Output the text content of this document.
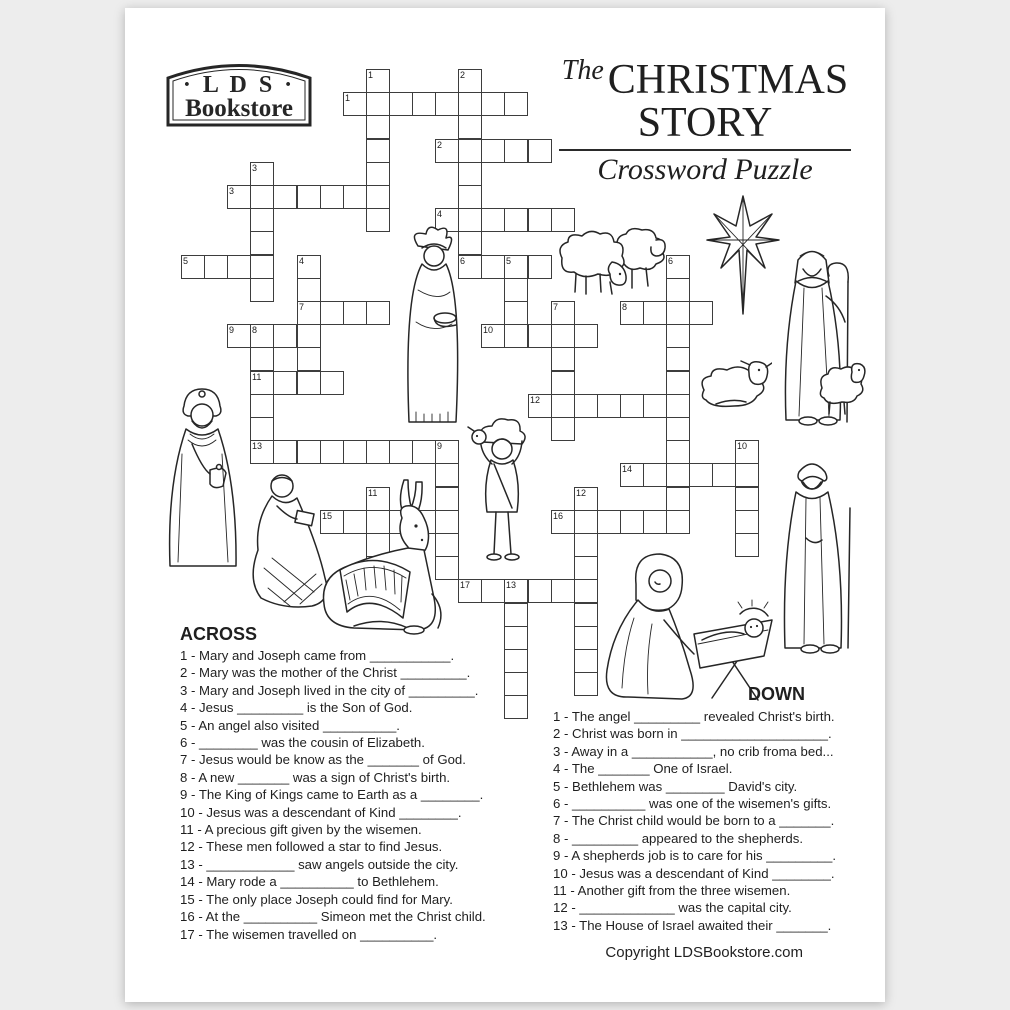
· L D S ·
Bookstore
$^{The}$CHRISTMAS
STORY
Crossword Puzzle
1
2
3
4
5	6	5
7	8
9 8	10
11
12
13	9
14
15	16
17	13
1	2
3
4	6
7
10
11	12
ACROSS
1 - Mary and Joseph came from ___________.
2 - Mary was the mother of the Christ _________.
3 - Mary and Joseph lived in the city of _________.
4 - Jesus _________ is the Son of God.
5 - An angel also visited __________.
6 - ________ was the cousin of Elizabeth.
7 - Jesus would be know as the _______ of God.
8 - A new _______ was a sign of Christ's birth.
9 - The King of Kings came to Earth as a ________.
10 - Jesus was a descendant of Kind ________.
11 - A precious gift given by the wisemen.
12 - These men followed a star to find Jesus.
13 - ____________ saw angels outside the city.
14 - Mary rode a __________ to Bethlehem.
15 - The only place Joseph could find for Mary.
16 - At the __________ Simeon met the Christ child.
17 - The wisemen travelled on __________.
DOWN
1 - The angel _________ revealed Christ's birth.
2 - Christ was born in ____________________.
3 - Away in a ___________, no crib froma bed...
4 - The _______ One of Israel.
5 - Bethlehem was ________ David's city.
6 - __________ was one of the wisemen's gifts.
7 - The Christ child would be born to a _______.
8 - _________ appeared to the shepherds.
9 - A shepherds job is to care for his _________.
10 - Jesus was a descendant of Kind ________.
11 - Another gift from the three wisemen.
12 - _____________ was the capital city.
13 - The House of Israel awaited their _______.
Copyright LDSBookstore.com
